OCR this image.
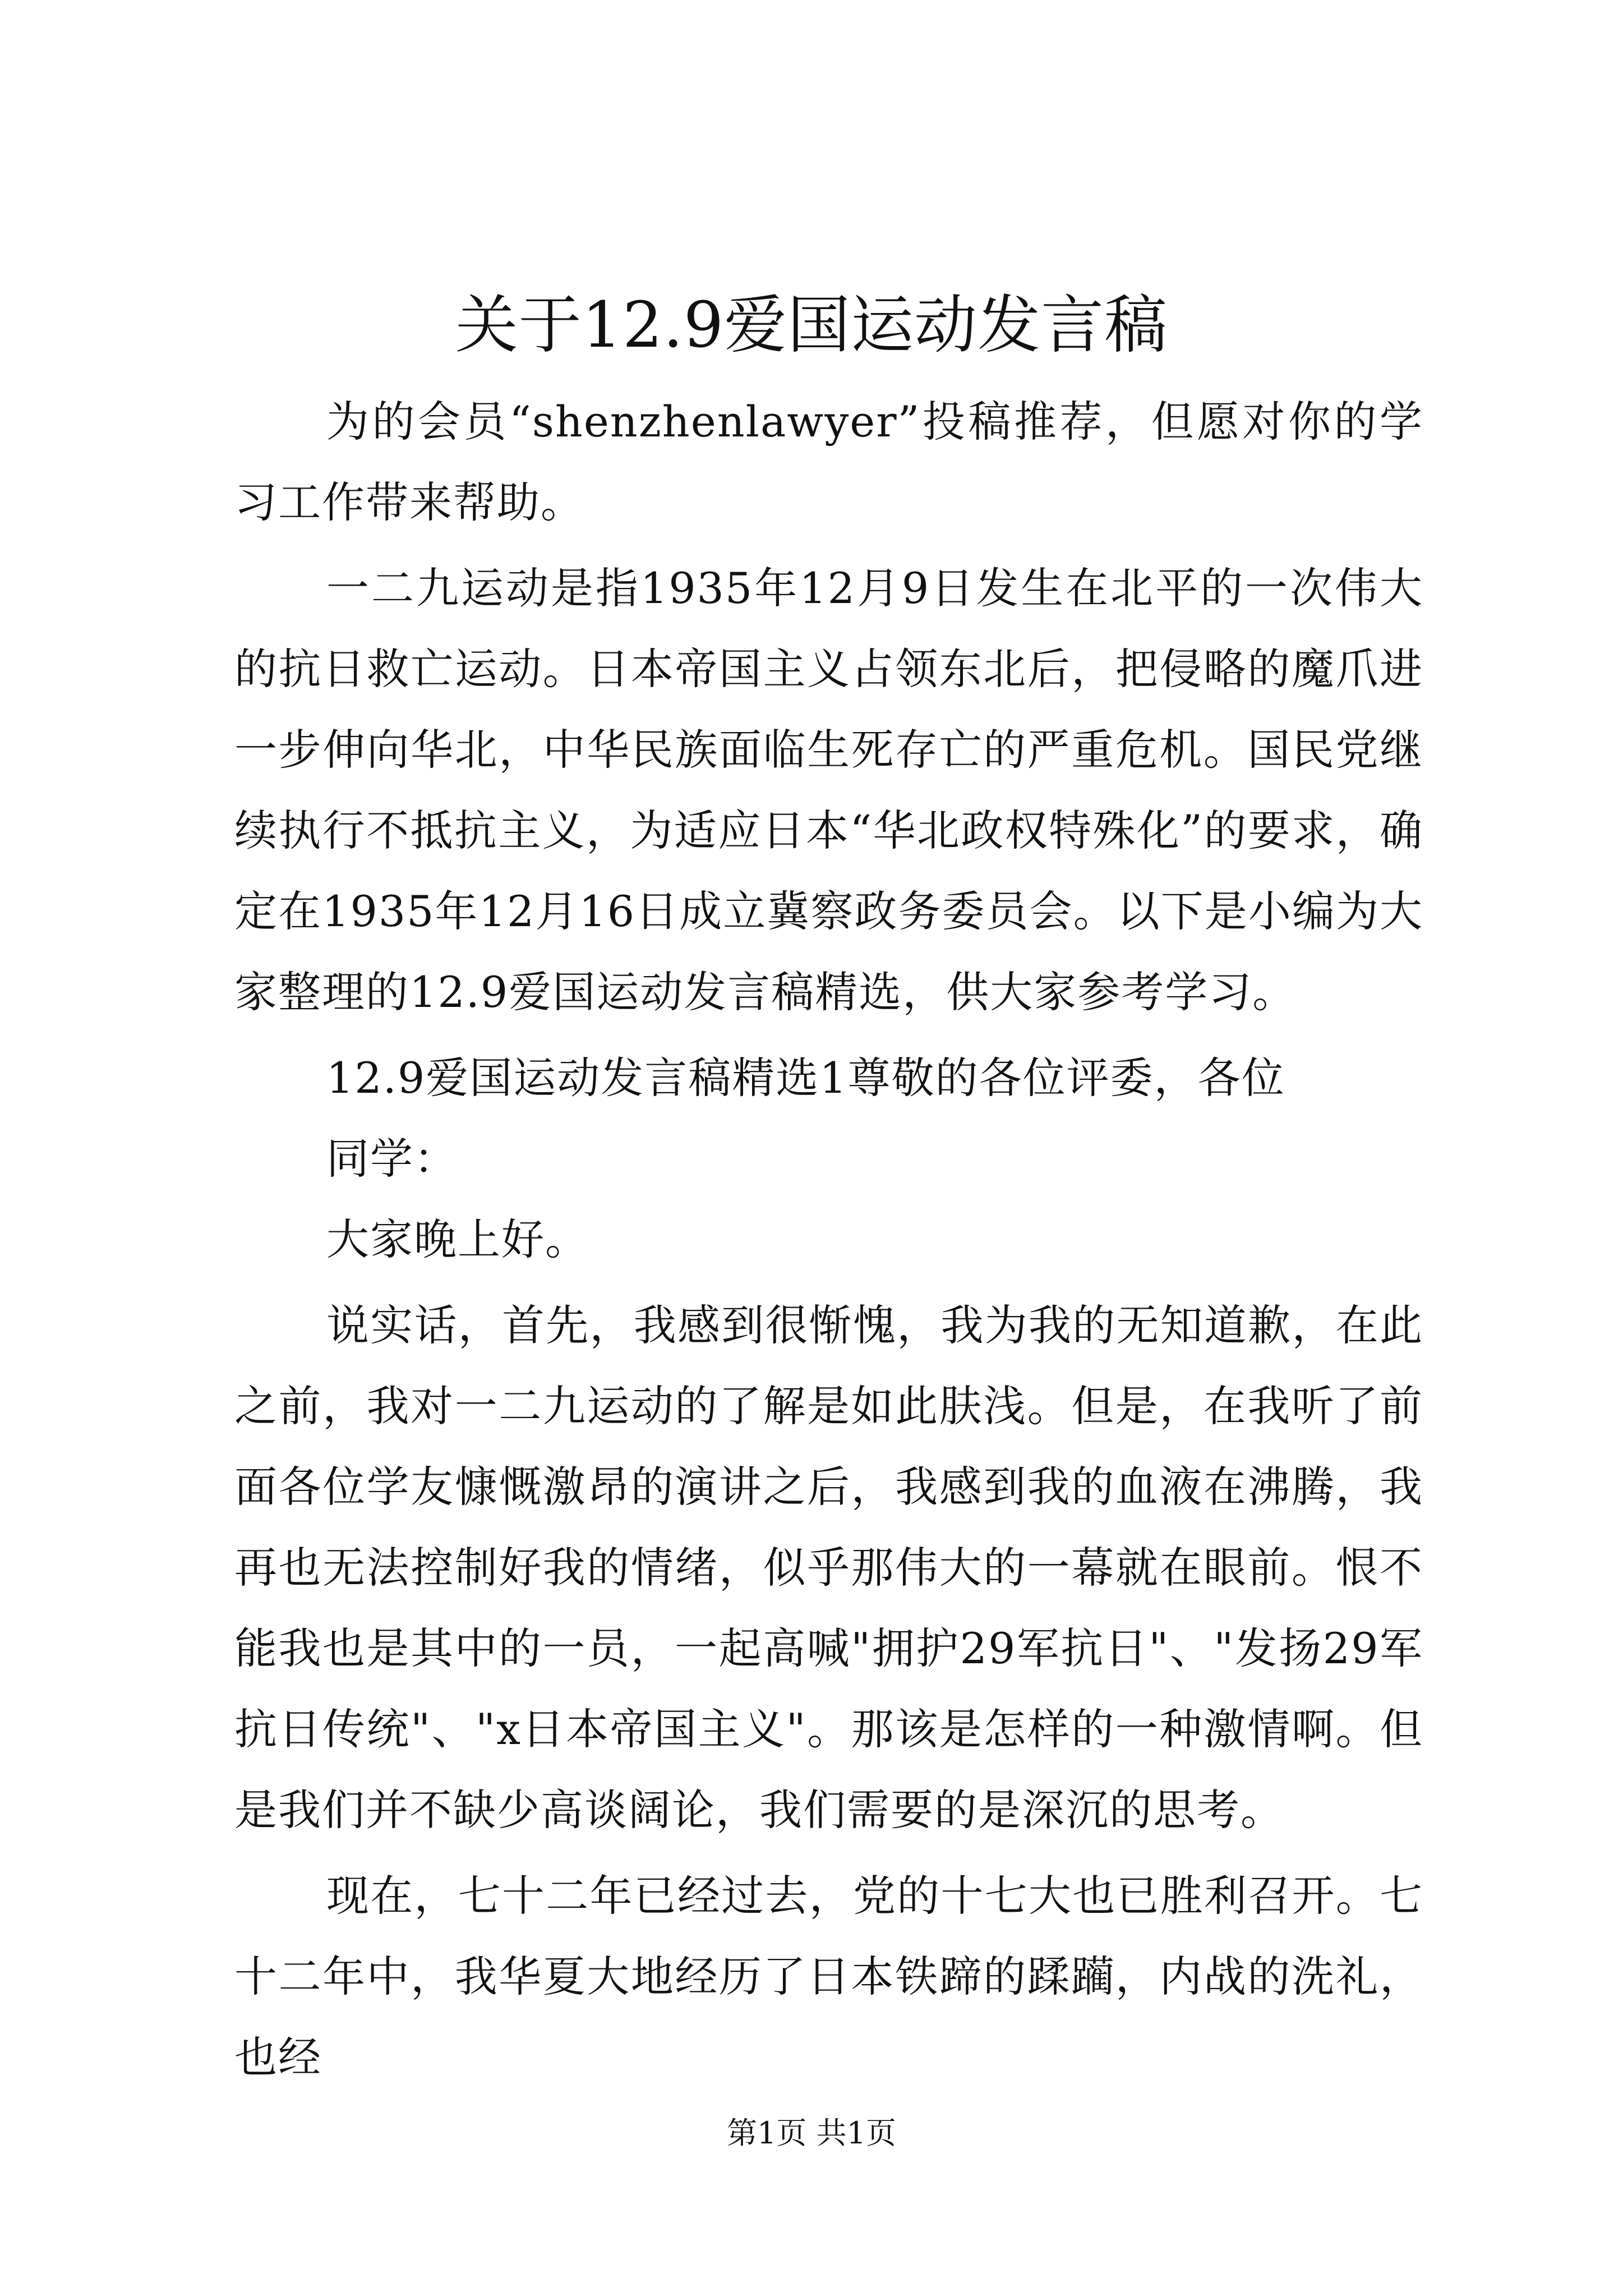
关于12.9爱国运动发言稿

为的会员“shenzhenlawyer”投稿推荐，但愿对你的学习工作带来帮助。

一二九运动是指1935年12月9日发生在北平的一次伟大的抗日救亡运动。日本帝国主义占领东北后，把侵略的魔爪进一步伸向华北，中华民族面临生死存亡的严重危机。国民党继续执行不抵抗主义，为适应日本“华北政权特殊化”的要求，确定在1935年12月16日成立冀察政务委员会。以下是小编为大家整理的12.9爱国运动发言稿精选，供大家参考学习。

12.9爱国运动发言稿精选1尊敬的各位评委，各位

同学：

大家晚上好。

说实话，首先，我感到很惭愧，我为我的无知道歉，在此之前，我对一二九运动的了解是如此肤浅。但是，在我听了前面各位学友慷慨激昂的演讲之后，我感到我的血液在沸腾，我再也无法控制好我的情绪，似乎那伟大的一幕就在眼前。恨不能我也是其中的一员，一起高喊"拥护29军抗日"、"发扬29军抗日传统"、"x日本帝国主义"。那该是怎样的一种激情啊。但是我们并不缺少高谈阔论，我们需要的是深沉的思考。

现在，七十二年已经过去，党的十七大也已胜利召开。七十二年中，我华夏大地经历了日本铁蹄的蹂躏，内战的洗礼，也经

第1页 共1页
